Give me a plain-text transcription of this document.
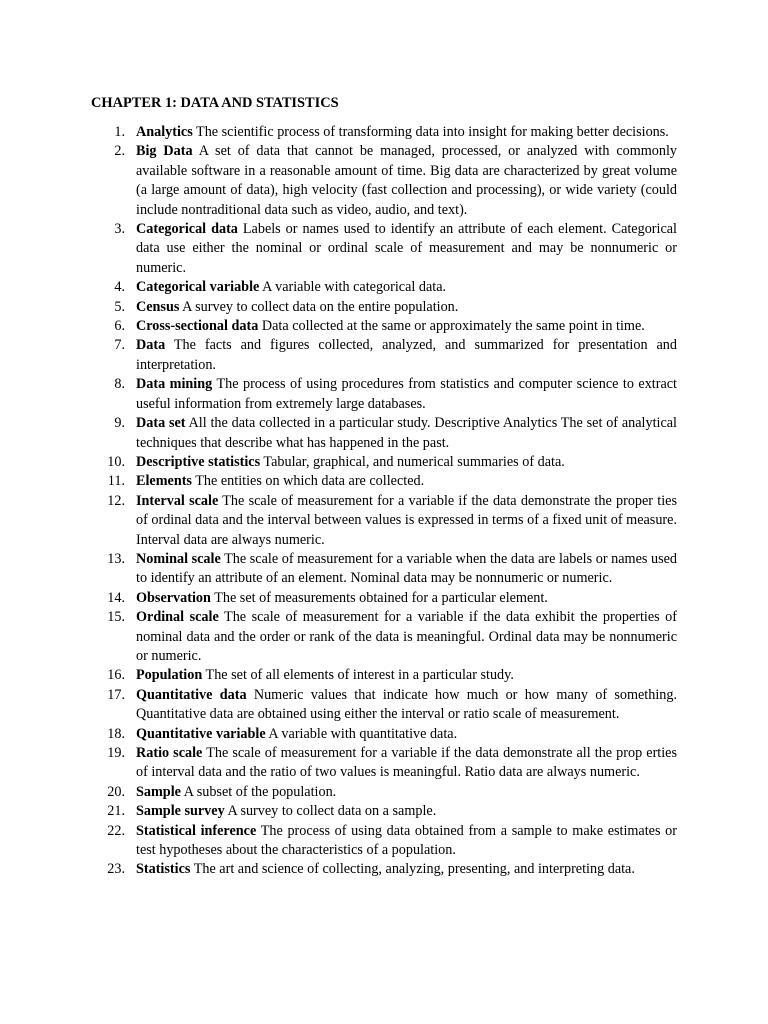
CHAPTER 1: DATA AND STATISTICS
1. Analytics The scientific process of transforming data into insight for making better decisions.
2. Big Data A set of data that cannot be managed, processed, or analyzed with commonly available software in a reasonable amount of time. Big data are characterized by great volume (a large amount of data), high velocity (fast collection and processing), or wide variety (could include nontraditional data such as video, audio, and text).
3. Categorical data Labels or names used to identify an attribute of each element. Categorical data use either the nominal or ordinal scale of measurement and may be nonnumeric or numeric.
4. Categorical variable A variable with categorical data.
5. Census A survey to collect data on the entire population.
6. Cross-sectional data Data collected at the same or approximately the same point in time.
7. Data The facts and figures collected, analyzed, and summarized for presentation and interpretation.
8. Data mining The process of using procedures from statistics and computer science to extract useful information from extremely large databases.
9. Data set All the data collected in a particular study. Descriptive Analytics The set of analytical techniques that describe what has happened in the past.
10. Descriptive statistics Tabular, graphical, and numerical summaries of data.
11. Elements The entities on which data are collected.
12. Interval scale The scale of measurement for a variable if the data demonstrate the proper ties of ordinal data and the interval between values is expressed in terms of a fixed unit of measure. Interval data are always numeric.
13. Nominal scale The scale of measurement for a variable when the data are labels or names used to identify an attribute of an element. Nominal data may be nonnumeric or numeric.
14. Observation The set of measurements obtained for a particular element.
15. Ordinal scale The scale of measurement for a variable if the data exhibit the properties of nominal data and the order or rank of the data is meaningful. Ordinal data may be nonnumeric or numeric.
16. Population The set of all elements of interest in a particular study.
17. Quantitative data Numeric values that indicate how much or how many of something. Quantitative data are obtained using either the interval or ratio scale of measurement.
18. Quantitative variable A variable with quantitative data.
19. Ratio scale The scale of measurement for a variable if the data demonstrate all the prop erties of interval data and the ratio of two values is meaningful. Ratio data are always numeric.
20. Sample A subset of the population.
21. Sample survey A survey to collect data on a sample.
22. Statistical inference The process of using data obtained from a sample to make estimates or test hypotheses about the characteristics of a population.
23. Statistics The art and science of collecting, analyzing, presenting, and interpreting data.
